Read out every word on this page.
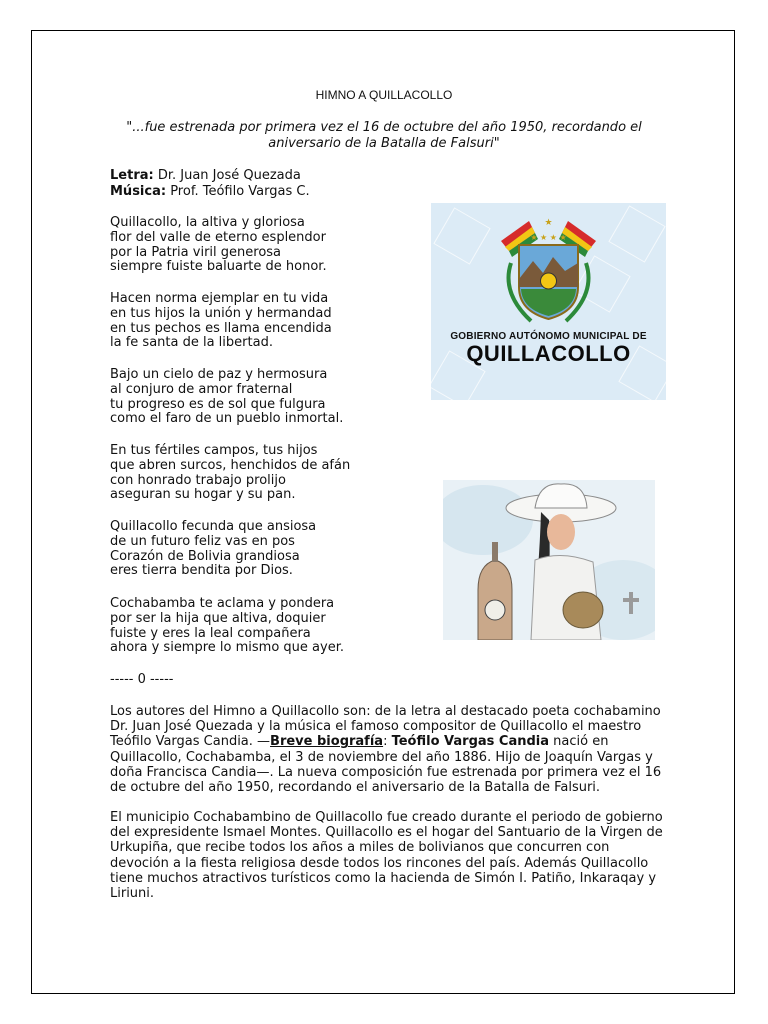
HIMNO A QUILLACOLLO
"...fue estrenada por primera vez el 16 de octubre del año 1950, recordando el aniversario de la Batalla de Falsuri"
Letra: Dr. Juan José Quezada
Música: Prof. Teófilo Vargas C.
Quillacollo, la altiva y gloriosa
flor del valle de eterno esplendor
por la Patria viril generosa
siempre fuiste baluarte de honor.
Hacen norma ejemplar en tu vida
en tus hijos la unión y hermandad
en tus pechos es llama encendida
la fe santa de la libertad.
Bajo un cielo de paz y hermosura
al conjuro de amor fraternal
tu progreso es de sol que fulgura
como el faro de un pueblo inmortal.
En tus fértiles campos, tus hijos
que abren surcos, henchidos de afán
con honrado trabajo prolijo
aseguran su hogar y su pan.
Quillacollo fecunda que ansiosa
de un futuro feliz vas en pos
Corazón de Bolivia grandiosa
eres tierra bendita por Dios.
Cochabamba te aclama y pondera
por ser la hija que altiva, doquier
fuiste y eres la leal compañera
ahora y siempre lo mismo que ayer.
----- 0 -----
Los autores del Himno a Quillacollo son: de la letra al destacado poeta cochabamino Dr. Juan José Quezada y la música el famoso compositor de Quillacollo el maestro Teófilo Vargas Candia. —Breve biografía: Teófilo Vargas Candia nació en Quillacollo, Cochabamba, el 3 de noviembre del año 1886. Hijo de Joaquín Vargas y doña Francisca Candia—. La nueva composición fue estrenada por primera vez el 16 de octubre del año 1950, recordando el aniversario de la Batalla de Falsuri.
El municipio Cochabambino de Quillacollo fue creado durante el periodo de gobierno del expresidente Ismael Montes. Quillacollo es el hogar del Santuario de la Virgen de Urkupiña, que recibe todos los años a miles de bolivianos que concurren con devoción a la fiesta religiosa desde todos los rincones del país. Además Quillacollo tiene muchos atractivos turísticos como la hacienda de Simón I. Patiño, Inkaraqay y Liriuni.
★
★ ★ ★ ★
GOBIERNO AUTÓNOMO MUNICIPAL DE
QUILLACOLLO
